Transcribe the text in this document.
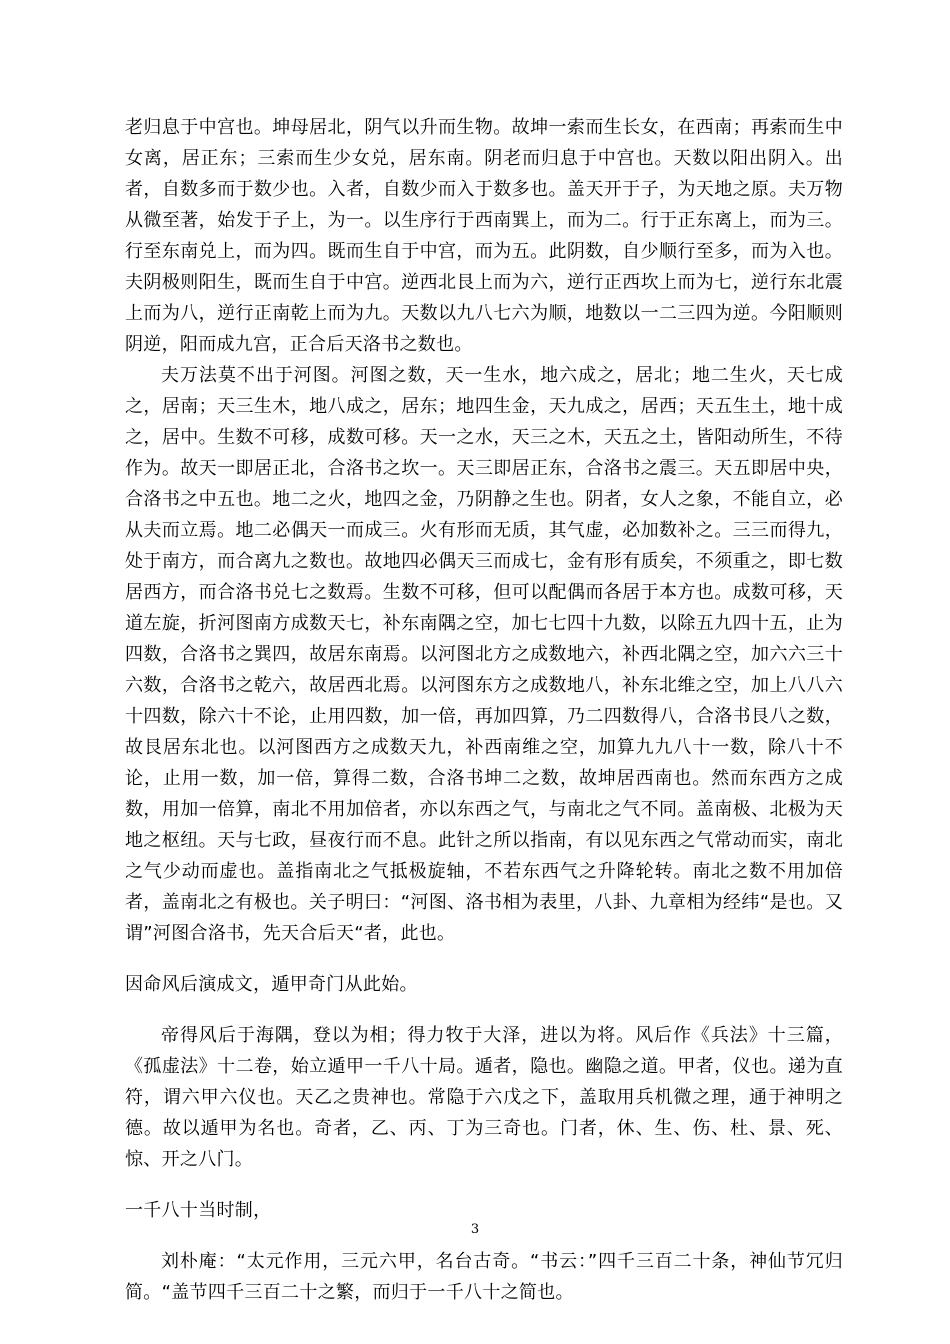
老归息于中宫也。坤母居北，阴气以升而生物。故坤一索而生长女，在西南；再索而生中女离，居正东；三索而生少女兑，居东南。阴老而归息于中宫也。天数以阳出阴入。出者，自数多而于数少也。入者，自数少而入于数多也。盖天开于子，为天地之原。夫万物从微至著，始发于子上，为一。以生序行于西南巽上，而为二。行于正东离上，而为三。行至东南兑上，而为四。既而生自于中宫，而为五。此阴数，自少顺行至多，而为入也。夫阴极则阳生，既而生自于中宫。逆西北艮上而为六，逆行正西坎上而为七，逆行东北震上而为八，逆行正南乾上而为九。天数以九八七六为顺，地数以一二三四为逆。今阳顺则阴逆，阳而成九宫，正合后天洛书之数也。

夫万法莫不出于河图。河图之数，天一生水，地六成之，居北；地二生火，天七成之，居南；天三生木，地八成之，居东；地四生金，天九成之，居西；天五生土，地十成之，居中。生数不可移，成数可移。天一之水，天三之木，天五之土，皆阳动所生，不待作为。故天一即居正北，合洛书之坎一。天三即居正东，合洛书之震三。天五即居中央，合洛书之中五也。地二之火，地四之金，乃阴静之生也。阴者，女人之象，不能自立，必从夫而立焉。地二必偶天一而成三。火有形而无质，其气虚，必加数补之。三三而得九，处于南方，而合离九之数也。故地四必偶天三而成七，金有形有质矣，不须重之，即七数居西方，而合洛书兑七之数焉。生数不可移，但可以配偶而各居于本方也。成数可移，天道左旋，折河图南方成数天七，补东南隅之空，加七七四十九数，以除五九四十五，止为四数，合洛书之巽四，故居东南焉。以河图北方之成数地六，补西北隅之空，加六六三十六数，合洛书之乾六，故居西北焉。以河图东方之成数地八，补东北维之空，加上八八六十四数，除六十不论，止用四数，加一倍，再加四算，乃二四数得八，合洛书艮八之数，故艮居东北也。以河图西方之成数天九，补西南维之空，加算九九八十一数，除八十不论，止用一数，加一倍，算得二数，合洛书坤二之数，故坤居西南也。然而东西方之成数，用加一倍算，南北不用加倍者，亦以东西之气，与南北之气不同。盖南极、北极为天地之枢纽。天与七政，昼夜行而不息。此针之所以指南，有以见东西之气常动而实，南北之气少动而虚也。盖指南北之气抵极旋轴，不若东西气之升降轮转。南北之数不用加倍者，盖南北之有极也。关子明曰：“河图、洛书相为表里，八卦、九章相为经纬“是也。又谓”河图合洛书，先天合后天“者，此也。

因命风后演成文，遁甲奇门从此始。

帝得风后于海隅，登以为相；得力牧于大泽，进以为将。风后作《兵法》十三篇，《孤虚法》十二卷，始立遁甲一千八十局。遁者，隐也。幽隐之道。甲者，仪也。递为直符，谓六甲六仪也。天乙之贵神也。常隐于六戊之下，盖取用兵机微之理，通于神明之德。故以遁甲为名也。奇者，乙、丙、丁为三奇也。门者，休、生、伤、杜、景、死、惊、开之八门。

一千八十当时制，

刘朴庵：“太元作用，三元六甲，名台古奇。“书云：”四千三百二十条，神仙节冗归简。“盖节四千三百二十之繁，而归于一千八十之简也。

3
